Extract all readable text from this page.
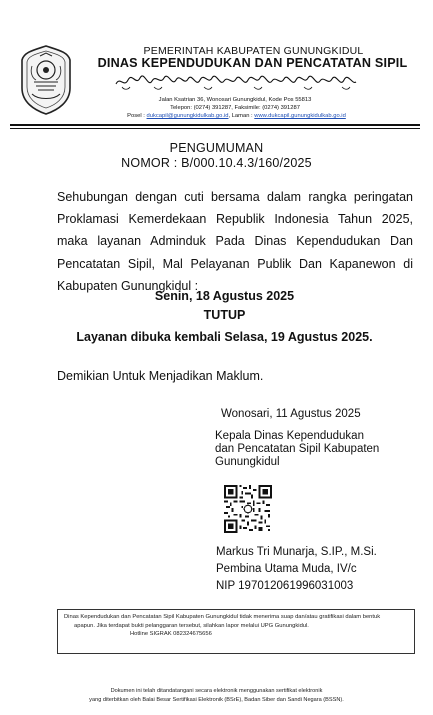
PEMERINTAH KABUPATEN GUNUNGKIDUL
DINAS KEPENDUDUKAN DAN PENCATATAN SIPIL
Jalan Ksatrian 36, Wonosari Gunungkidul, Kode Pos 55813
Telepon: (0274) 391287, Faksimile: (0274) 391287
Posel : dukcapil@gunungkidulkab.go.id, Laman : www.dukcapil.gunungkidulkab.go.id
PENGUMUMAN
NOMOR : B/000.10.4.3/160/2025
Sehubungan dengan cuti bersama dalam rangka peringatan
Proklamasi Kemerdekaan Republik Indonesia Tahun 2025,
maka layanan Adminduk Pada Dinas Kependudukan Dan
Pencatatan Sipil, Mal Pelayanan Publik Dan Kapanewon di
Kabupaten Gunungkidul :
Senin, 18 Agustus 2025
TUTUP
Layanan dibuka kembali Selasa, 19 Agustus 2025.
Demikian Untuk Menjadikan Maklum.
Wonosari, 11 Agustus 2025
Kepala Dinas Kependudukan
dan Pencatatan Sipil Kabupaten
Gunungkidul
Markus Tri Munarja, S.IP., M.Si.
Pembina Utama Muda, IV/c
NIP 197012061996031003
Dinas Kependudukan dan Pencatatan Sipil Kabupaten Gunungkidul tidak menerima suap dan/atau gratifikasi dalam bentuk
apapun. Jika terdapat bukti pelanggaran tersebut, silahkan lapor melalui UPG Gunungkidul.
Hotline SIGRAK 082324675656
Dokumen ini telah ditandatangani secara elektronik menggunakan sertifikat elektronik
yang diterbitkan oleh Balai Besar Sertifikasi Elektronik (BSrE), Badan Siber dan Sandi Negara (BSSN).
